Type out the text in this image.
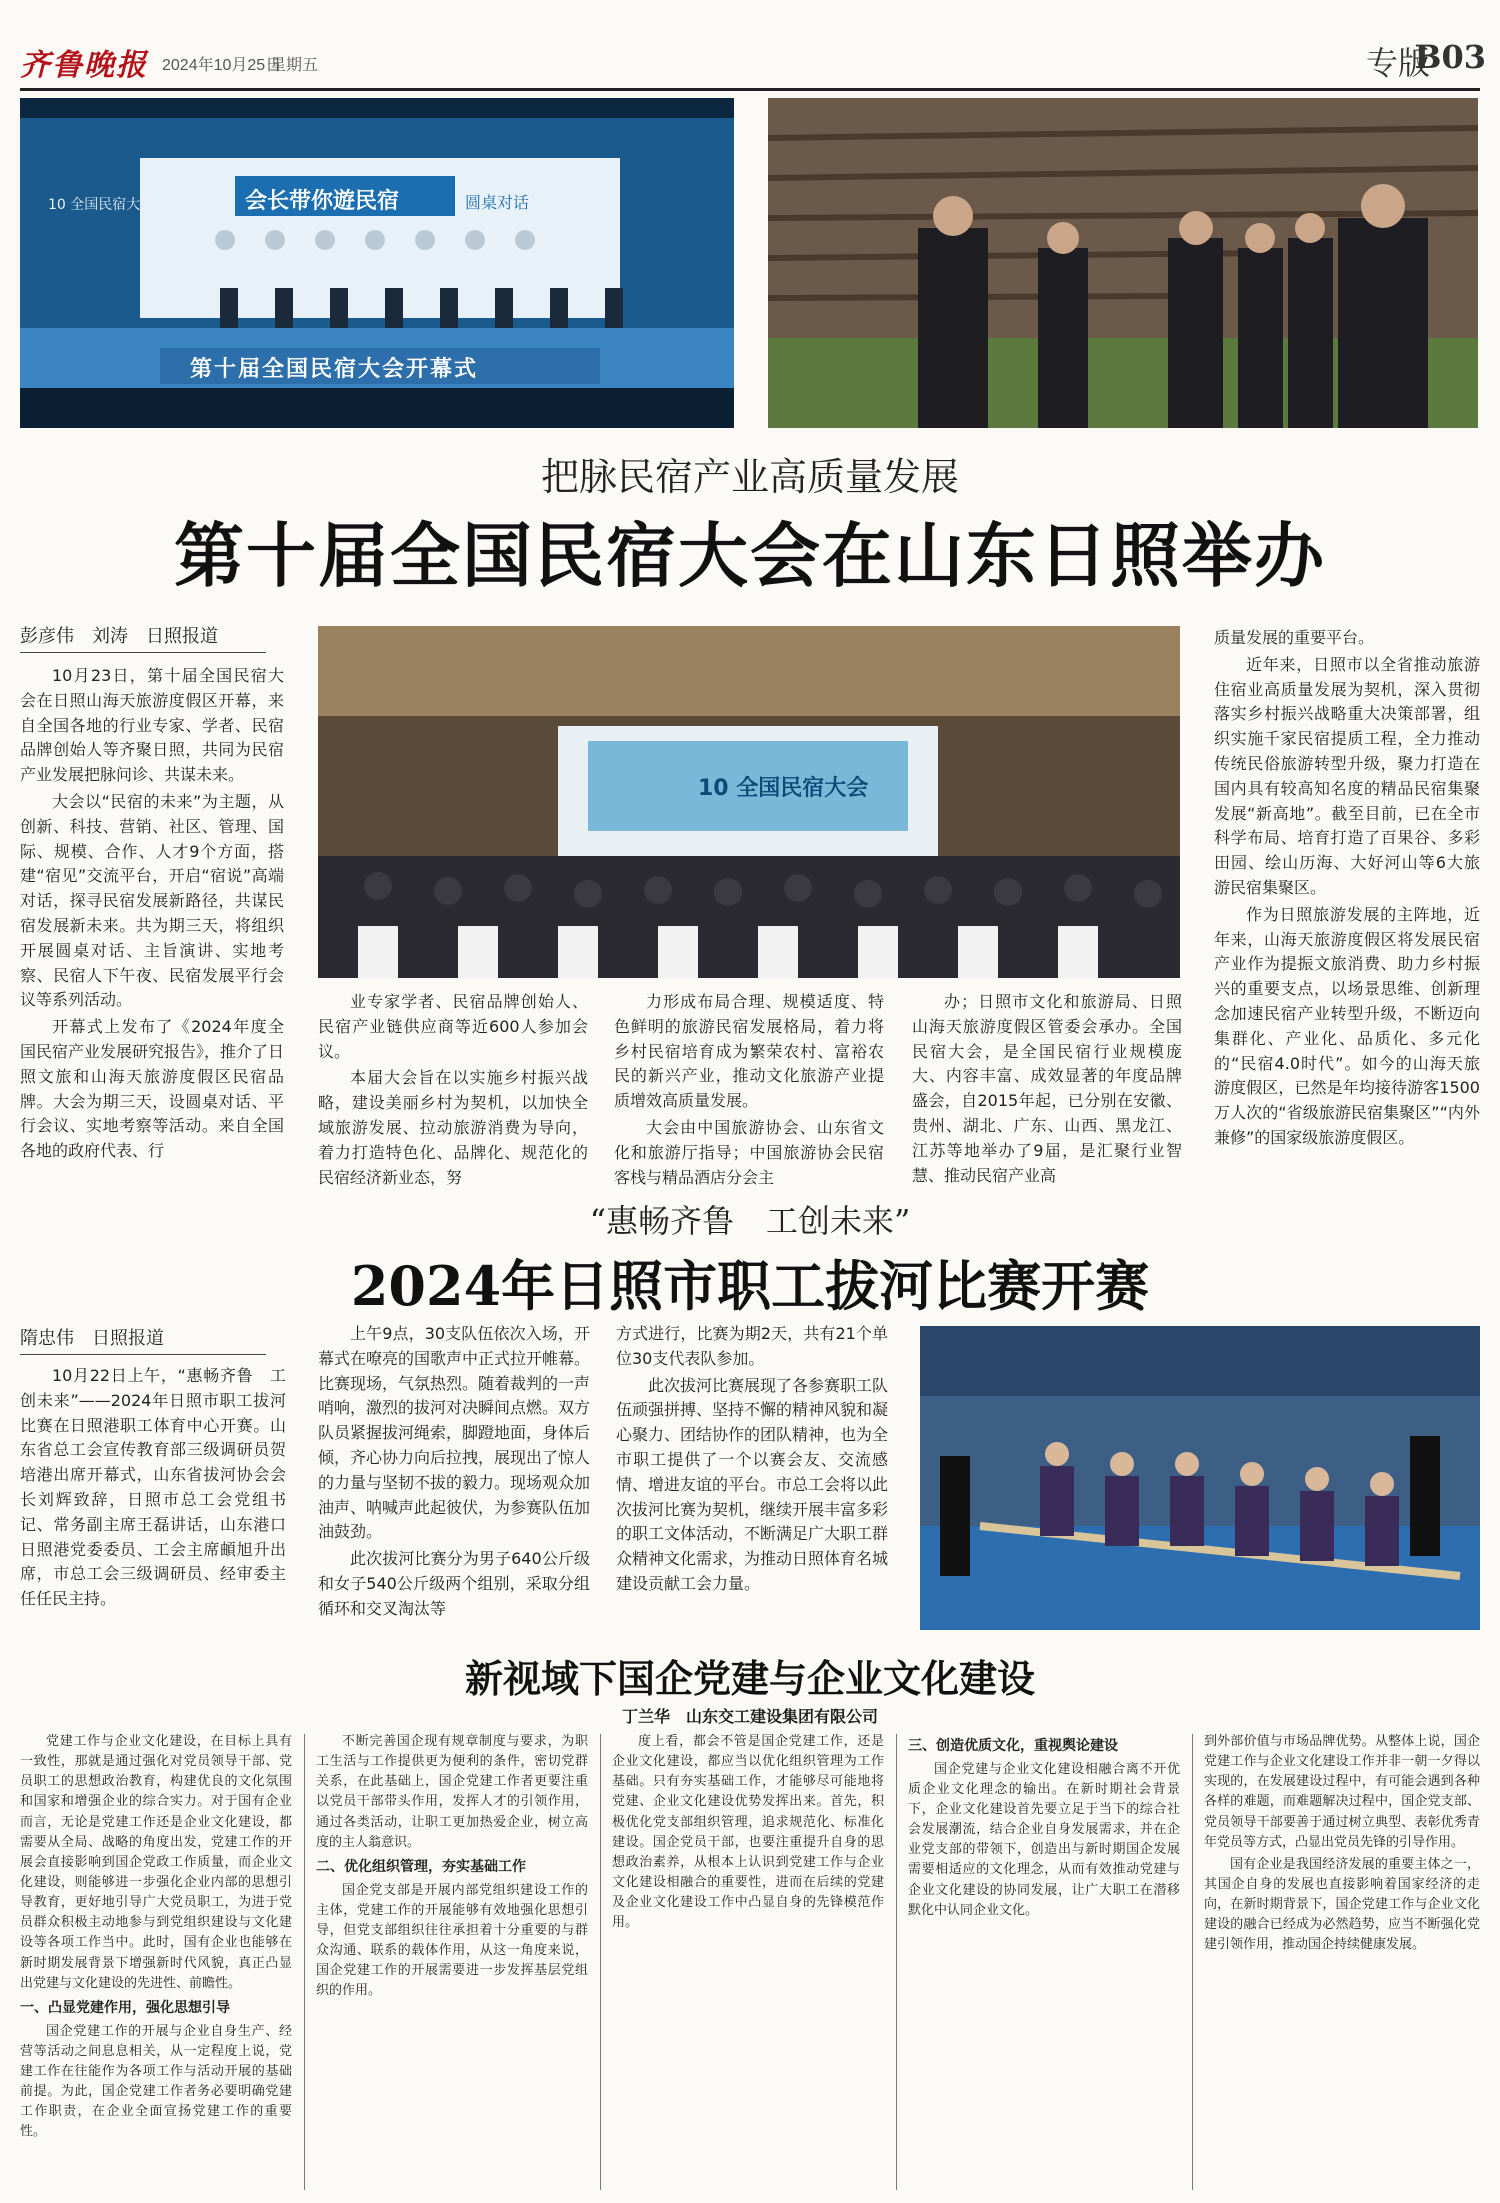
齐鲁晚报 2024年10月25日
星期五	专版
B03
会长带你遊民宿	圆桌对话
10 全国民宿大会
第十届全国民宿大会开幕式
把脉民宿产业高质量发展
第十届全国民宿大会在山东日照举办
彭彦伟　刘涛　日照报道

10月23日，第十届全国民宿大会在日照山海天旅游度假区开幕，来自全国各地的行业专家、学者、民宿品牌创始人等齐聚日照，共同为民宿产业发展把脉问诊、共谋未来。

大会以“民宿的未来”为主题，从创新、科技、营销、社区、管理、国际、规模、合作、人才9个方面，搭建“宿见”交流平台，开启“宿说”高端对话，探寻民宿发展新路径，共谋民宿发展新未来。共为期三天，将组织开展圆桌对话、主旨演讲、实地考察、民宿人下午夜、民宿发展平行会议等系列活动。

开幕式上发布了《2024年度全国民宿产业发展研究报告》，推介了日照文旅和山海天旅游度假区民宿品牌。大会为期三天，设圆桌对话、平行会议、实地考察等活动。来自全国各地的政府代表、行

10 全国民宿大会

业专家学者、民宿品牌创始人、民宿产业链供应商等近600人参加会议。

本届大会旨在以实施乡村振兴战略，建设美丽乡村为契机，以加快全域旅游发展、拉动旅游消费为导向，着力打造特色化、品牌化、规范化的民宿经济新业态，努

力形成布局合理、规模适度、特色鲜明的旅游民宿发展格局，着力将乡村民宿培育成为繁荣农村、富裕农民的新兴产业，推动文化旅游产业提质增效高质量发展。

大会由中国旅游协会、山东省文化和旅游厅指导；中国旅游协会民宿客栈与精品酒店分会主

办；日照市文化和旅游局、日照山海天旅游度假区管委会承办。全国民宿大会，是全国民宿行业规模庞大、内容丰富、成效显著的年度品牌盛会，自2015年起，已分别在安徽、贵州、湖北、广东、山西、黑龙江、江苏等地举办了9届，是汇聚行业智慧、推动民宿产业高

质量发展的重要平台。

近年来，日照市以全省推动旅游住宿业高质量发展为契机，深入贯彻落实乡村振兴战略重大决策部署，组织实施千家民宿提质工程，全力推动传统民俗旅游转型升级，聚力打造在国内具有较高知名度的精品民宿集聚发展“新高地”。截至目前，已在全市科学布局、培育打造了百果谷、多彩田园、绘山历海、大好河山等6大旅游民宿集聚区。

作为日照旅游发展的主阵地，近年来，山海天旅游度假区将发展民宿产业作为提振文旅消费、助力乡村振兴的重要支点，以场景思维、创新理念加速民宿产业转型升级，不断迈向集群化、产业化、品质化、多元化的“民宿4.0时代”。如今的山海天旅游度假区，已然是年均接待游客1500万人次的“省级旅游民宿集聚区”“内外兼修”的国家级旅游度假区。

“惠畅齐鲁　工创未来”
2024年日照市职工拔河比赛开赛
隋忠伟　日照报道

10月22日上午，“惠畅齐鲁　工创未来”——2024年日照市职工拔河比赛在日照港职工体育中心开赛。山东省总工会宣传教育部三级调研员贺培港出席开幕式，山东省拔河协会会长刘辉致辞，日照市总工会党组书记、常务副主席王磊讲话，山东港口日照港党委委员、工会主席頔旭升出席，市总工会三级调研员、经审委主任任民主持。

上午9点，30支队伍依次入场，开幕式在嘹亮的国歌声中正式拉开帷幕。比赛现场，气氛热烈。随着裁判的一声哨响，激烈的拔河对决瞬间点燃。双方队员紧握拔河绳索，脚蹬地面，身体后倾，齐心协力向后拉拽，展现出了惊人的力量与坚韧不拔的毅力。现场观众加油声、呐喊声此起彼伏，为参赛队伍加油鼓劲。

此次拔河比赛分为男子640公斤级和女子540公斤级两个组别，采取分组循环和交叉淘汰等

方式进行，比赛为期2天，共有21个单位30支代表队参加。

此次拔河比赛展现了各参赛职工队伍顽强拼搏、坚持不懈的精神风貌和凝心聚力、团结协作的团队精神，也为全市职工提供了一个以赛会友、交流感情、增进友谊的平台。市总工会将以此次拔河比赛为契机，继续开展丰富多彩的职工文体活动，不断满足广大职工群众精神文化需求，为推动日照体育名城建设贡献工会力量。

新视域下国企党建与企业文化建设
丁兰华　山东交工建设集团有限公司

党建工作与企业文化建设，在目标上具有一致性，那就是通过强化对党员领导干部、党员职工的思想政治教育，构建优良的文化氛围和国家和增强企业的综合实力。对于国有企业而言，无论是党建工作还是企业文化建设，都需要从全局、战略的角度出发，党建工作的开展会直接影响到国企党政工作质量，而企业文化建设，则能够进一步强化企业内部的思想引导教育，更好地引导广大党员职工，为进于党员群众积极主动地参与到党组织建设与文化建设等各项工作当中。此时，国有企业也能够在新时期发展背景下增强新时代风貌，真正凸显出党建与文化建设的先进性、前瞻性。

一、凸显党建作用，强化思想引导

国企党建工作的开展与企业自身生产、经营等活动之间息息相关，从一定程度上说，党建工作在往能作为各项工作与活动开展的基础前提。为此，国企党建工作者务必要明确党建工作职责，在企业全面宣扬党建工作的重要性。

不断完善国企现有规章制度与要求，为职工生活与工作提供更为便利的条件，密切党群关系，在此基础上，国企党建工作者更要注重以党员干部带头作用，发挥人才的引领作用，通过各类活动，让职工更加热爱企业，树立高度的主人翁意识。

二、优化组织管理，夯实基础工作

国企党支部是开展内部党组织建设工作的主体，党建工作的开展能够有效地强化思想引导，但党支部组织往往承担着十分重要的与群众沟通、联系的载体作用，从这一角度来说，国企党建工作的开展需要进一步发挥基层党组织的作用。

度上看，都会不管是国企党建工作，还是企业文化建设，都应当以优化组织管理为工作基础。只有夯实基础工作，才能够尽可能地将党建、企业文化建设优势发挥出来。首先，积极优化党支部组织管理，追求规范化、标准化建设。国企党员干部，也要注重提升自身的思想政治素养，从根本上认识到党建工作与企业文化建设相融合的重要性，进而在后续的党建及企业文化建设工作中凸显自身的先锋模范作用。

三、创造优质文化，重视舆论建设

国企党建与企业文化建设相融合离不开优质企业文化理念的输出。在新时期社会背景下，企业文化建设首先要立足于当下的综合社会发展潮流，结合企业自身发展需求，并在企业党支部的带领下，创造出与新时期国企发展需要相适应的文化理念，从而有效推动党建与企业文化建设的协同发展，让广大职工在潜移默化中认同企业文化。

到外部价值与市场品牌优势。从整体上说，国企党建工作与企业文化建设工作并非一朝一夕得以实现的，在发展建设过程中，有可能会遇到各种各样的难题，而难题解决过程中，国企党支部、党员领导干部要善于通过树立典型、表彰优秀青年党员等方式，凸显出党员先锋的引导作用。

国有企业是我国经济发展的重要主体之一，其国企自身的发展也直接影响着国家经济的走向，在新时期背景下，国企党建工作与企业文化建设的融合已经成为必然趋势，应当不断强化党建引领作用，推动国企持续健康发展。
